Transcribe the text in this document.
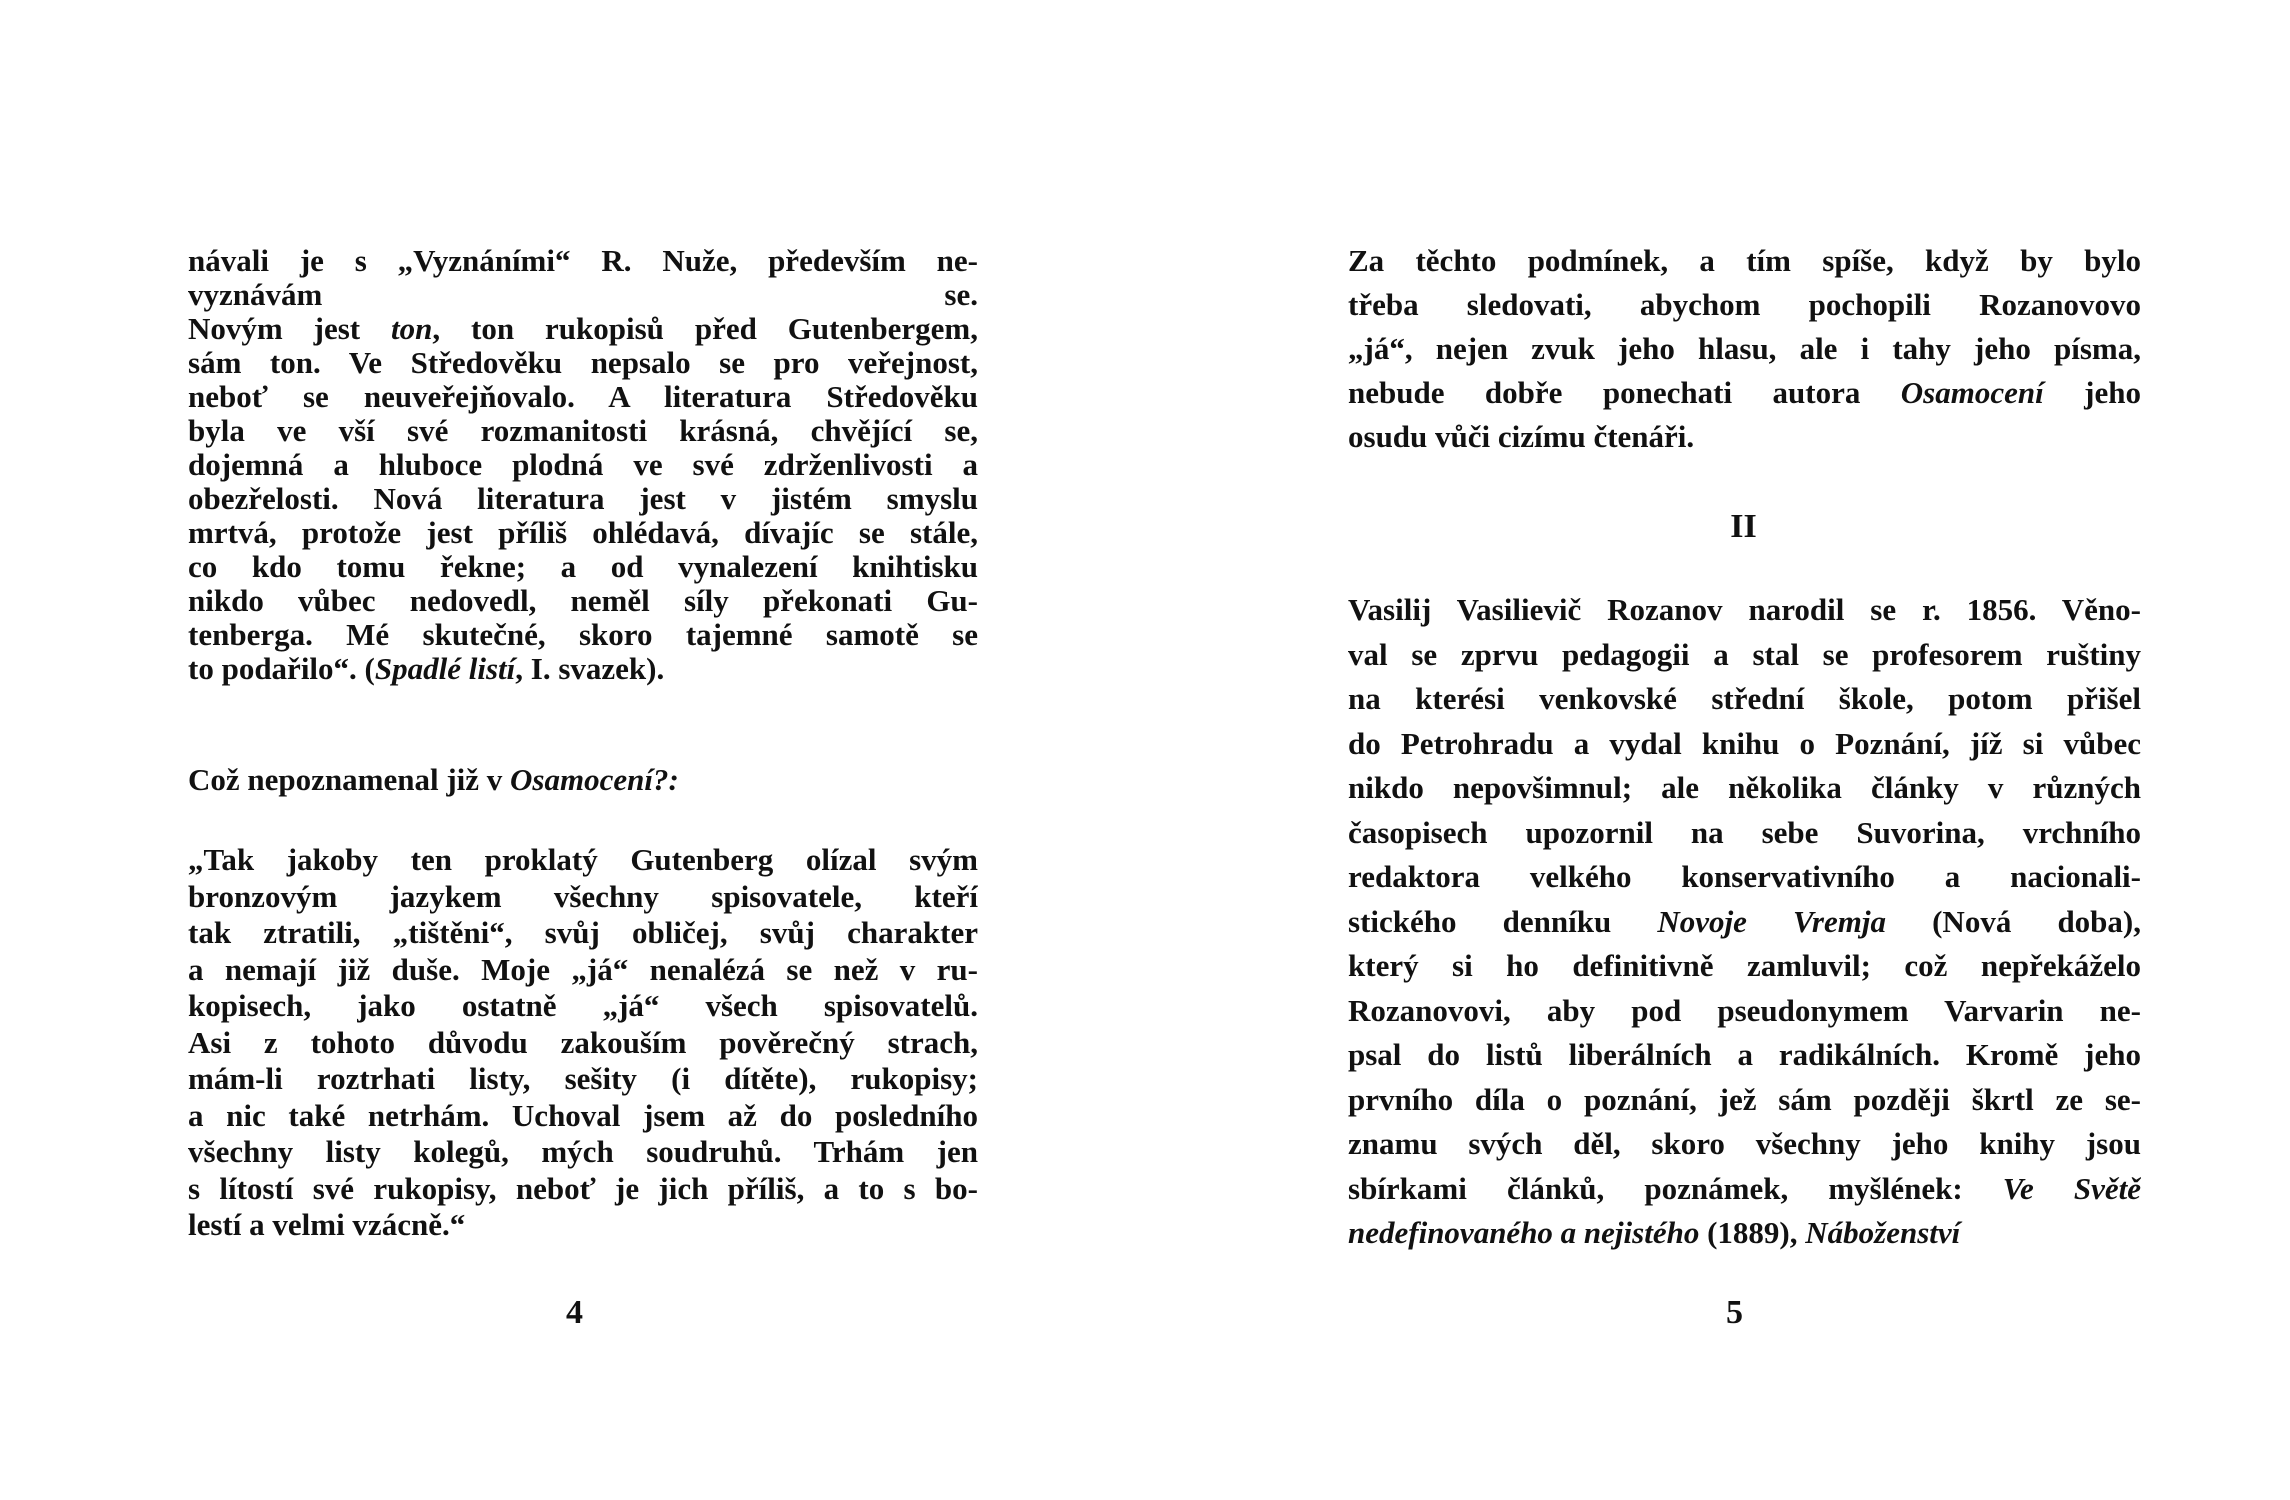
návali je s „Vyznáními“ R. Nuže, především ne-
vyznávám se.
Novým jest ton, ton rukopisů před Gutenbergem,
sám ton. Ve Středověku nepsalo se pro veřejnost,
neboť se neuveřejňovalo. A literatura Středověku
byla ve vší své rozmanitosti krásná, chvějící se,
dojemná a hluboce plodná ve své zdrženlivosti a
obezřelosti. Nová literatura jest v jistém smyslu
mrtvá, protože jest příliš ohlédavá, dívajíc se stále,
co kdo tomu řekne; a od vynalezení knihtisku
nikdo vůbec nedovedl, neměl síly překonati Gu-
tenberga. Mé skutečné, skoro tajemné samotě se
to podařilo“. (Spadlé listí, I. svazek).
Což nepoznamenal již v Osamocení?:
„Tak jakoby ten proklatý Gutenberg olízal svým
bronzovým jazykem všechny spisovatele, kteří
tak ztratili, „tištěni“, svůj obličej, svůj charakter
a nemají již duše. Moje „já“ nenalézá se než v ru-
kopisech, jako ostatně „já“ všech spisovatelů.
Asi z tohoto důvodu zakouším pověrečný strach,
mám-li roztrhati listy, sešity (i dítěte), rukopisy;
a nic také netrhám. Uchoval jsem až do posledního
všechny listy kolegů, mých soudruhů. Trhám jen
s lítostí své rukopisy, neboť je jich příliš, a to s bo-
lestí a velmi vzácně.“
4
Za těchto podmínek, a tím spíše, když by bylo
třeba sledovati, abychom pochopili Rozanovovo
„já“, nejen zvuk jeho hlasu, ale i tahy jeho písma,
nebude dobře ponechati autora Osamocení jeho
osudu vůči cizímu čtenáři.
II
Vasilij Vasilievič Rozanov narodil se r. 1856. Věno-
val se zprvu pedagogii a stal se profesorem ruštiny
na kterési venkovské střední škole, potom přišel
do Petrohradu a vydal knihu o Poznání, jíž si vůbec
nikdo nepovšimnul; ale několika články v různých
časopisech upozornil na sebe Suvorina, vrchního
redaktora velkého konservativního a nacionali-
stického denníku Novoje Vremja (Nová doba),
který si ho definitivně zamluvil; což nepřekáželo
Rozanovovi, aby pod pseudonymem Varvarin ne-
psal do listů liberálních a radikálních. Kromě jeho
prvního díla o poznání, jež sám později škrtl ze se-
znamu svých děl, skoro všechny jeho knihy jsou
sbírkami článků, poznámek, myšlének: Ve Světě
nedefinovaného a nejistého (1889), Náboženství
5
